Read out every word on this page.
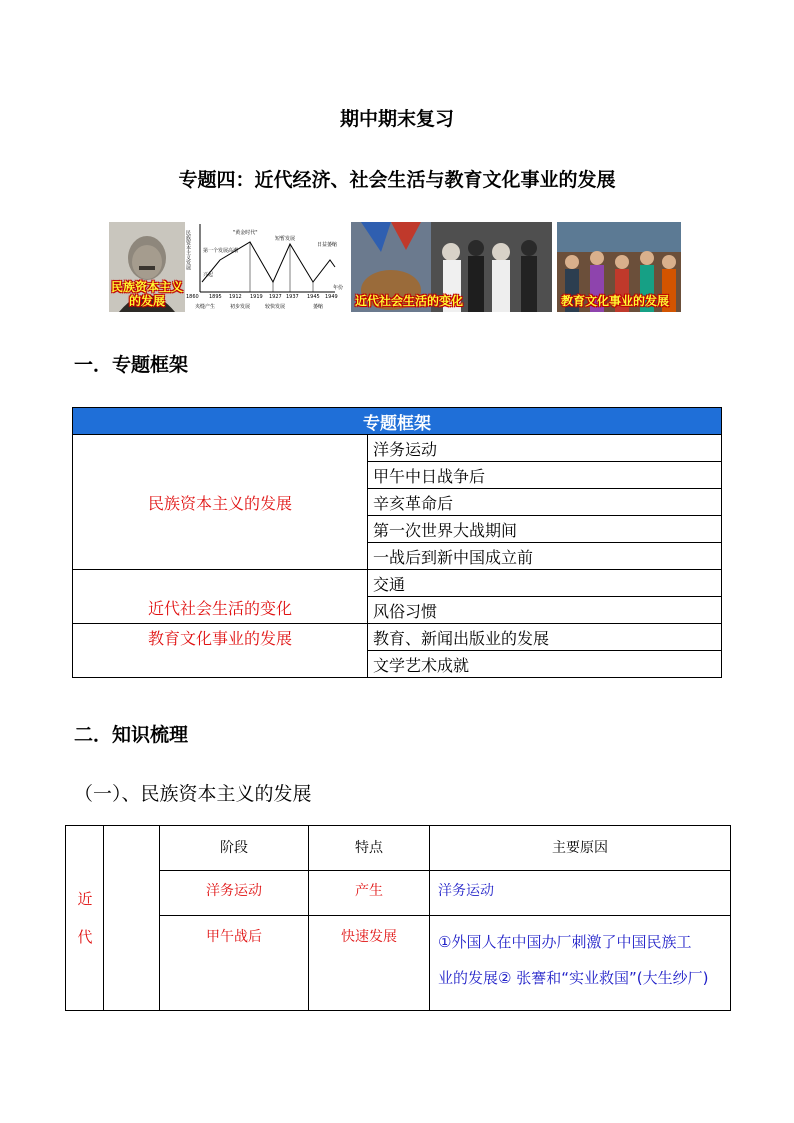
期中期末复习
专题四：近代经济、社会生活与教育文化事业的发展
民族资本主义的发展	1860 1895 1912 1919 1927 1937 1945 1949
"黄金时代"
短暂发展
日益萎缩
第一个发展高潮
兴起
夹缝产生	初步发展	较快发展	萎缩
年份
民族资本主义发展
近代社会生活的变化	教育文化事业的发展
一．专题框架
专题框架	
民族资本主义的发展	洋务运动
	甲午中日战争后
	辛亥革命后
	第一次世界大战期间
	一战后到新中国成立前
近代社会生活的变化	交通
	风俗习惯
教育文化事业的发展	教育、新闻出版业的发展
	文学艺术成就
二．知识梳理
（一）、民族资本主义的发展
近代		阶段	特点	主要原因
		洋务运动	产生	洋务运动
		甲午战后	快速发展	①外国人在中国办厂刺激了中国民族工
业的发展② 张謇和“实业救国”(大生纱厂)
